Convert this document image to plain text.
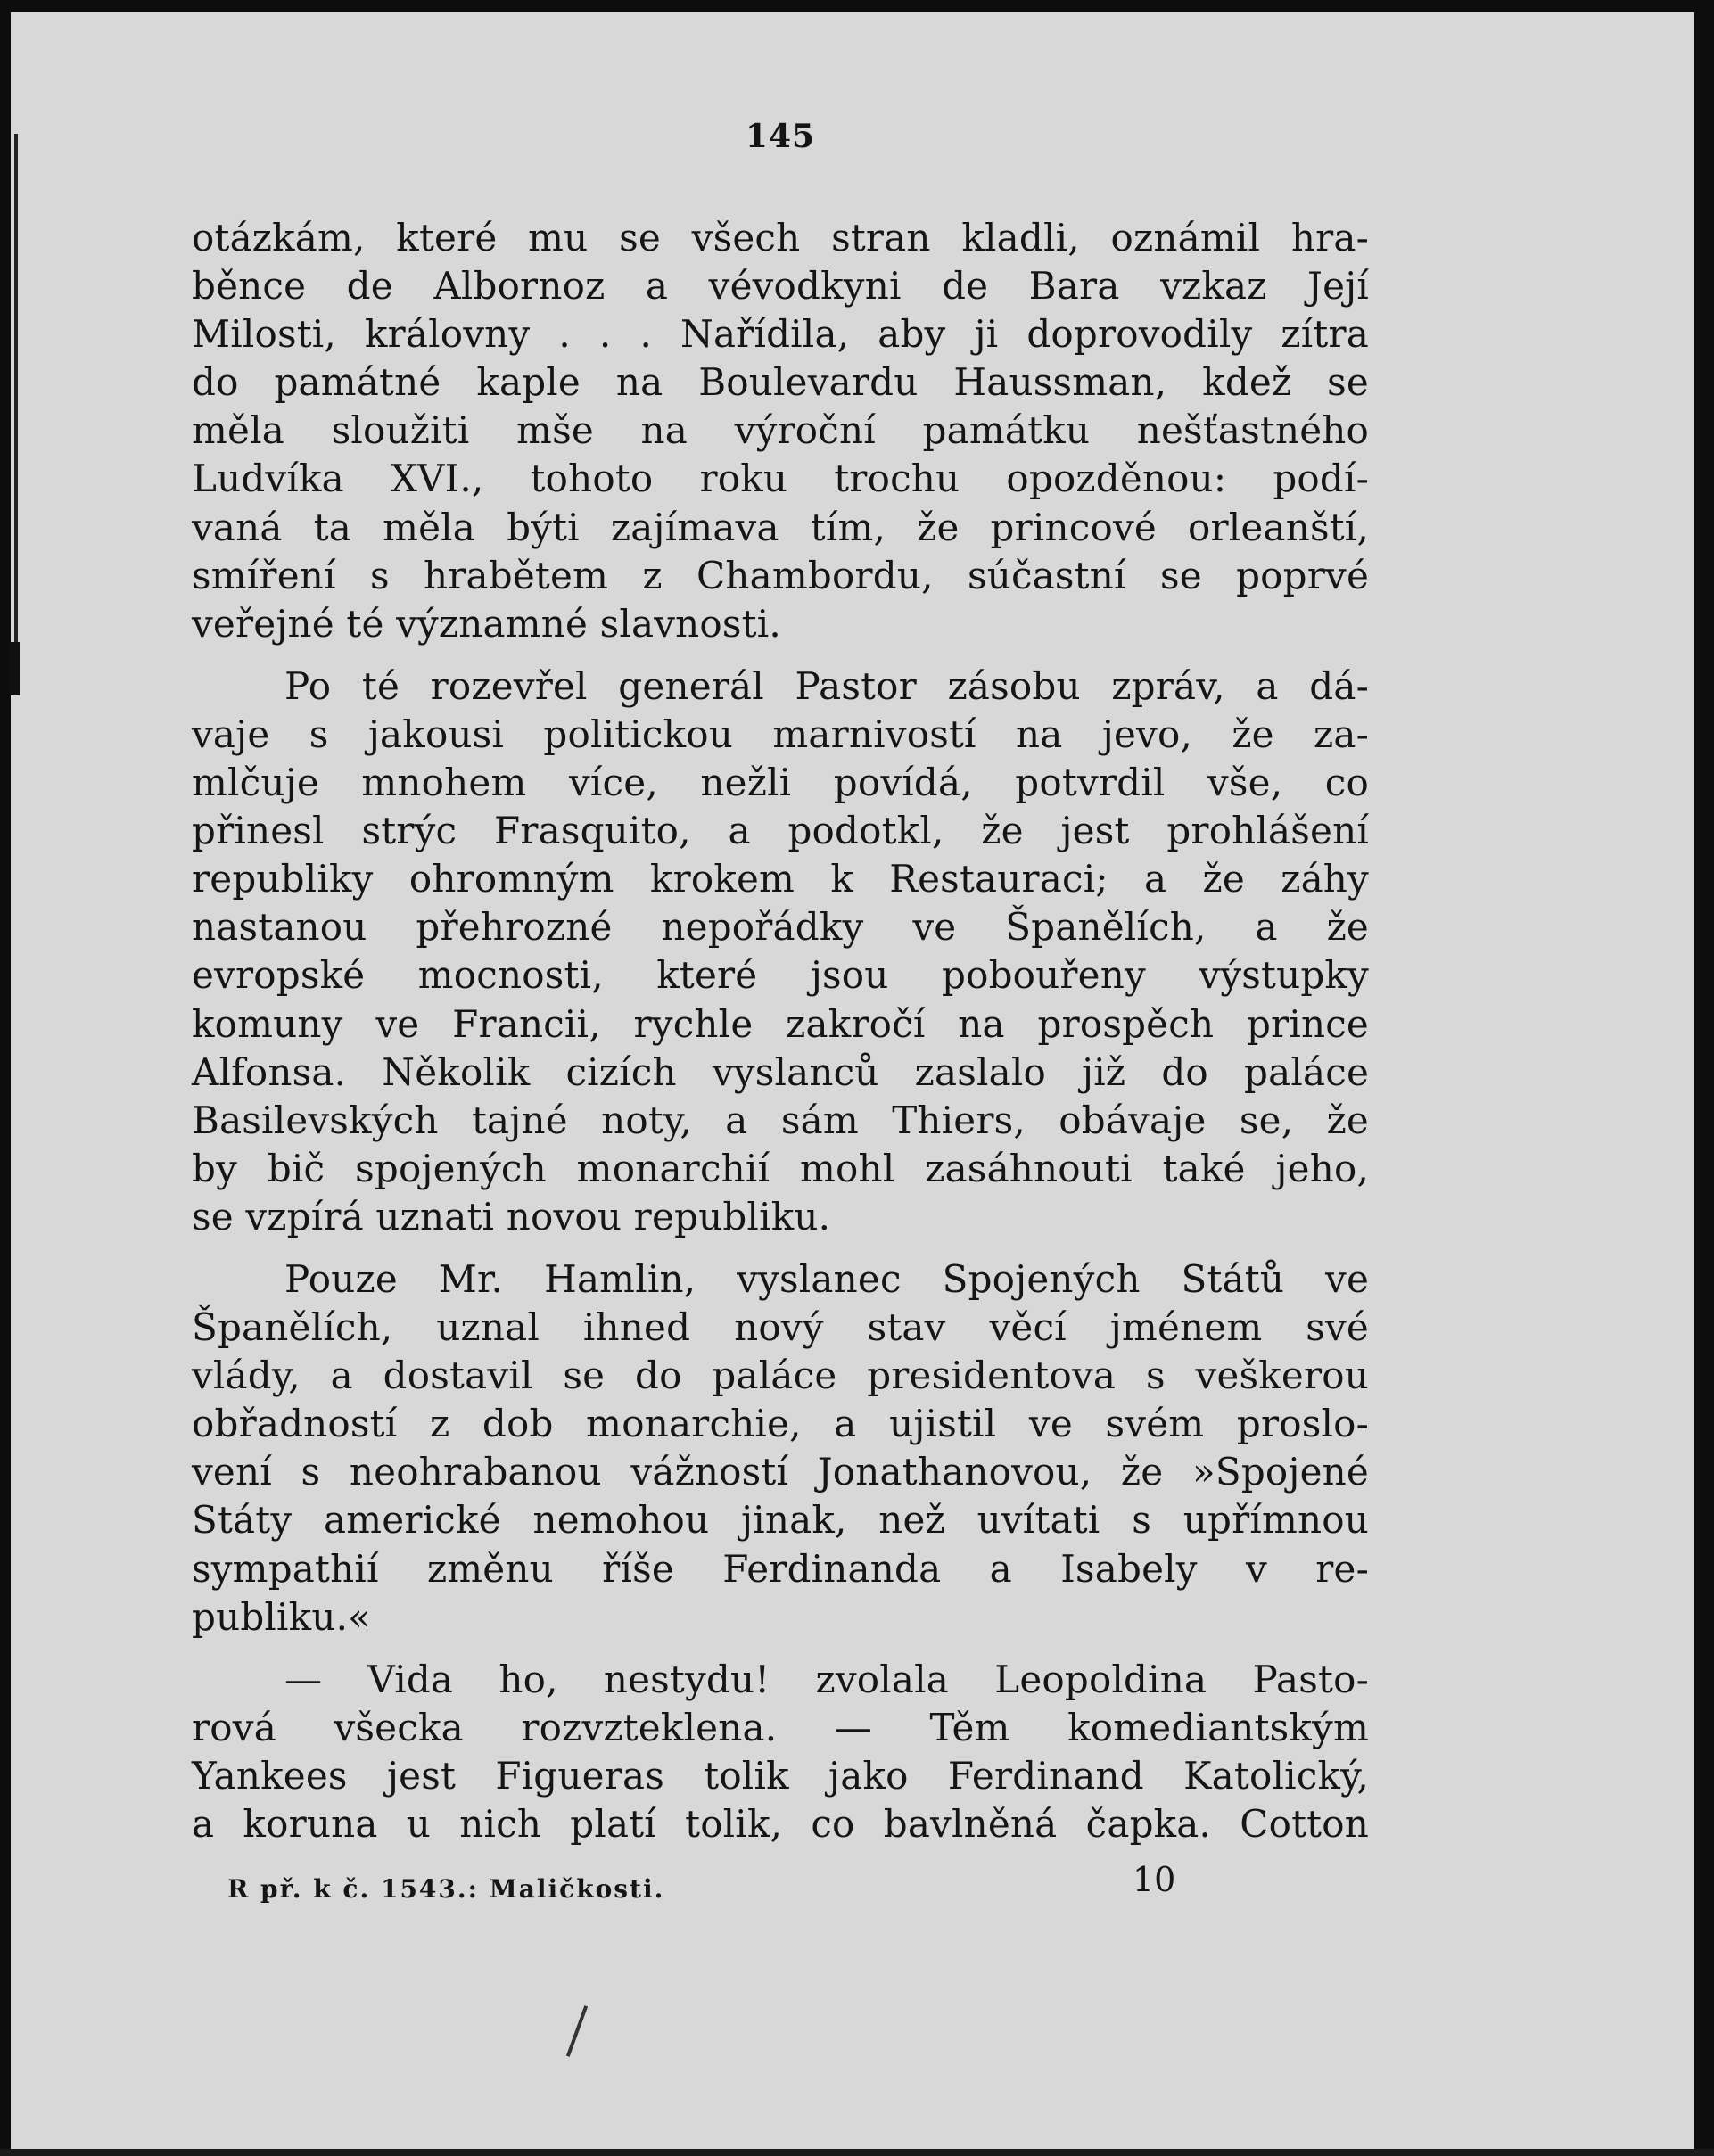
145

otázkám, které mu se všech stran kladli, oznámil hra-
běnce de Albornoz a vévodkyni de Bara vzkaz Její
Milosti, královny . . . Nařídila, aby ji doprovodily zítra
do památné kaple na Boulevardu Haussman, kdež se
měla sloužiti mše na výroční památku nešťastného
Ludvíka XVI., tohoto roku trochu opozděnou: podí-
vaná ta měla býti zajímava tím, že princové orleanští,
smíření s hrabětem z Chambordu, súčastní se poprvé
veřejné té významné slavnosti.

Po té rozevřel generál Pastor zásobu zpráv, a dá-
vaje s jakousi politickou marnivostí na jevo, že za-
mlčuje mnohem více, nežli povídá, potvrdil vše, co
přinesl strýc Frasquito, a podotkl, že jest prohlášení
republiky ohromným krokem k Restauraci; a že záhy
nastanou přehrozné nepořádky ve Španělích, a že
evropské mocnosti, které jsou pobouřeny výstupky
komuny ve Francii, rychle zakročí na prospěch prince
Alfonsa. Několik cizích vyslanců zaslalo již do paláce
Basilevských tajné noty, a sám Thiers, obávaje se, že
by bič spojených monarchií mohl zasáhnouti také jeho,
se vzpírá uznati novou republiku.

Pouze Mr. Hamlin, vyslanec Spojených Států ve
Španělích, uznal ihned nový stav věcí jménem své
vlády, a dostavil se do paláce presidentova s veškerou
obřadností z dob monarchie, a ujistil ve svém proslo-
vení s neohrabanou vážností Jonathanovou, že »Spojené
Státy americké nemohou jinak, než uvítati s upřímnou
sympathií změnu říše Ferdinanda a Isabely v re-
publiku.«

— Vida ho, nestydu! zvolala Leopoldina Pasto-
rová všecka rozvzteklena. — Těm komediantským
Yankees jest Figueras tolik jako Ferdinand Katolický,
a koruna u nich platí tolik, co bavlněná čapka. Cotton

R př. k č. 1543.: Maličkosti.	10
